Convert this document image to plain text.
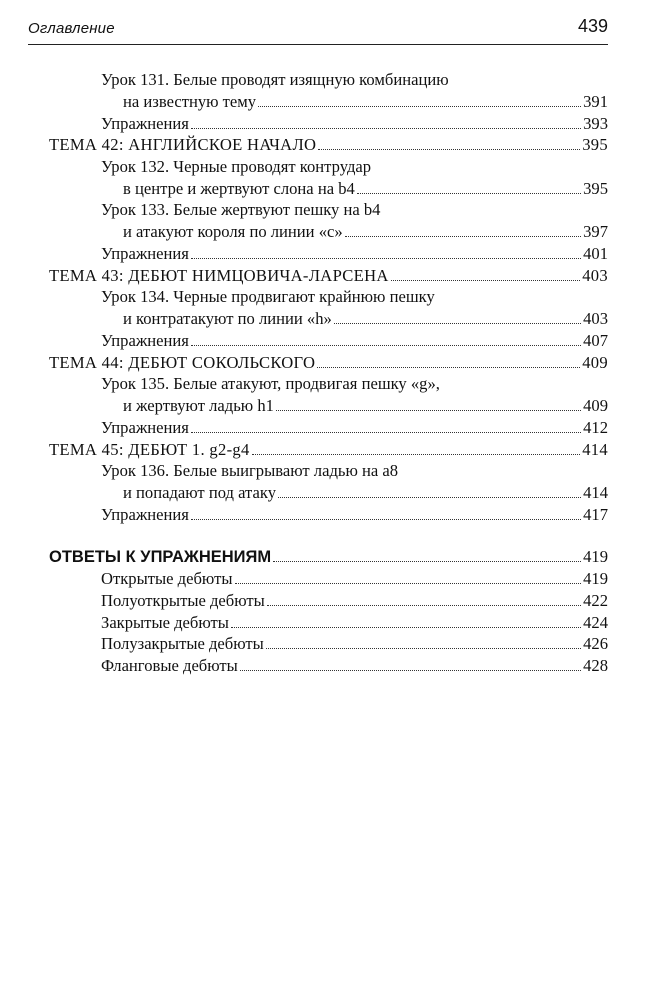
Оглавление	439
Урок 131. Белые проводят изящную комбинацию
на известную тему	391
Упражнения	393
ТЕМА 42: АНГЛИЙСКОЕ НАЧАЛО	395
Урок 132. Черные проводят контрудар
в центре и жертвуют слона на b4	395
Урок 133. Белые жертвуют пешку на b4
и атакуют короля по линии «c»	397
Упражнения	401
ТЕМА 43: ДЕБЮТ НИМЦОВИЧА-ЛАРСЕНА	403
Урок 134. Черные продвигают крайнюю пешку
и контратакуют по линии «h»	403
Упражнения	407
ТЕМА 44: ДЕБЮТ СОКОЛЬСКОГО	409
Урок 135. Белые атакуют, продвигая пешку «g»,
и жертвуют ладью h1	409
Упражнения	412
ТЕМА 45: ДЕБЮТ 1. g2-g4	414
Урок 136. Белые выигрывают ладью на a8
и попадают под атаку	414
Упражнения	417
ОТВЕТЫ К УПРАЖНЕНИЯМ	419
Открытые дебюты	419
Полуоткрытые дебюты	422
Закрытые дебюты	424
Полузакрытые дебюты	426
Фланговые дебюты	428
